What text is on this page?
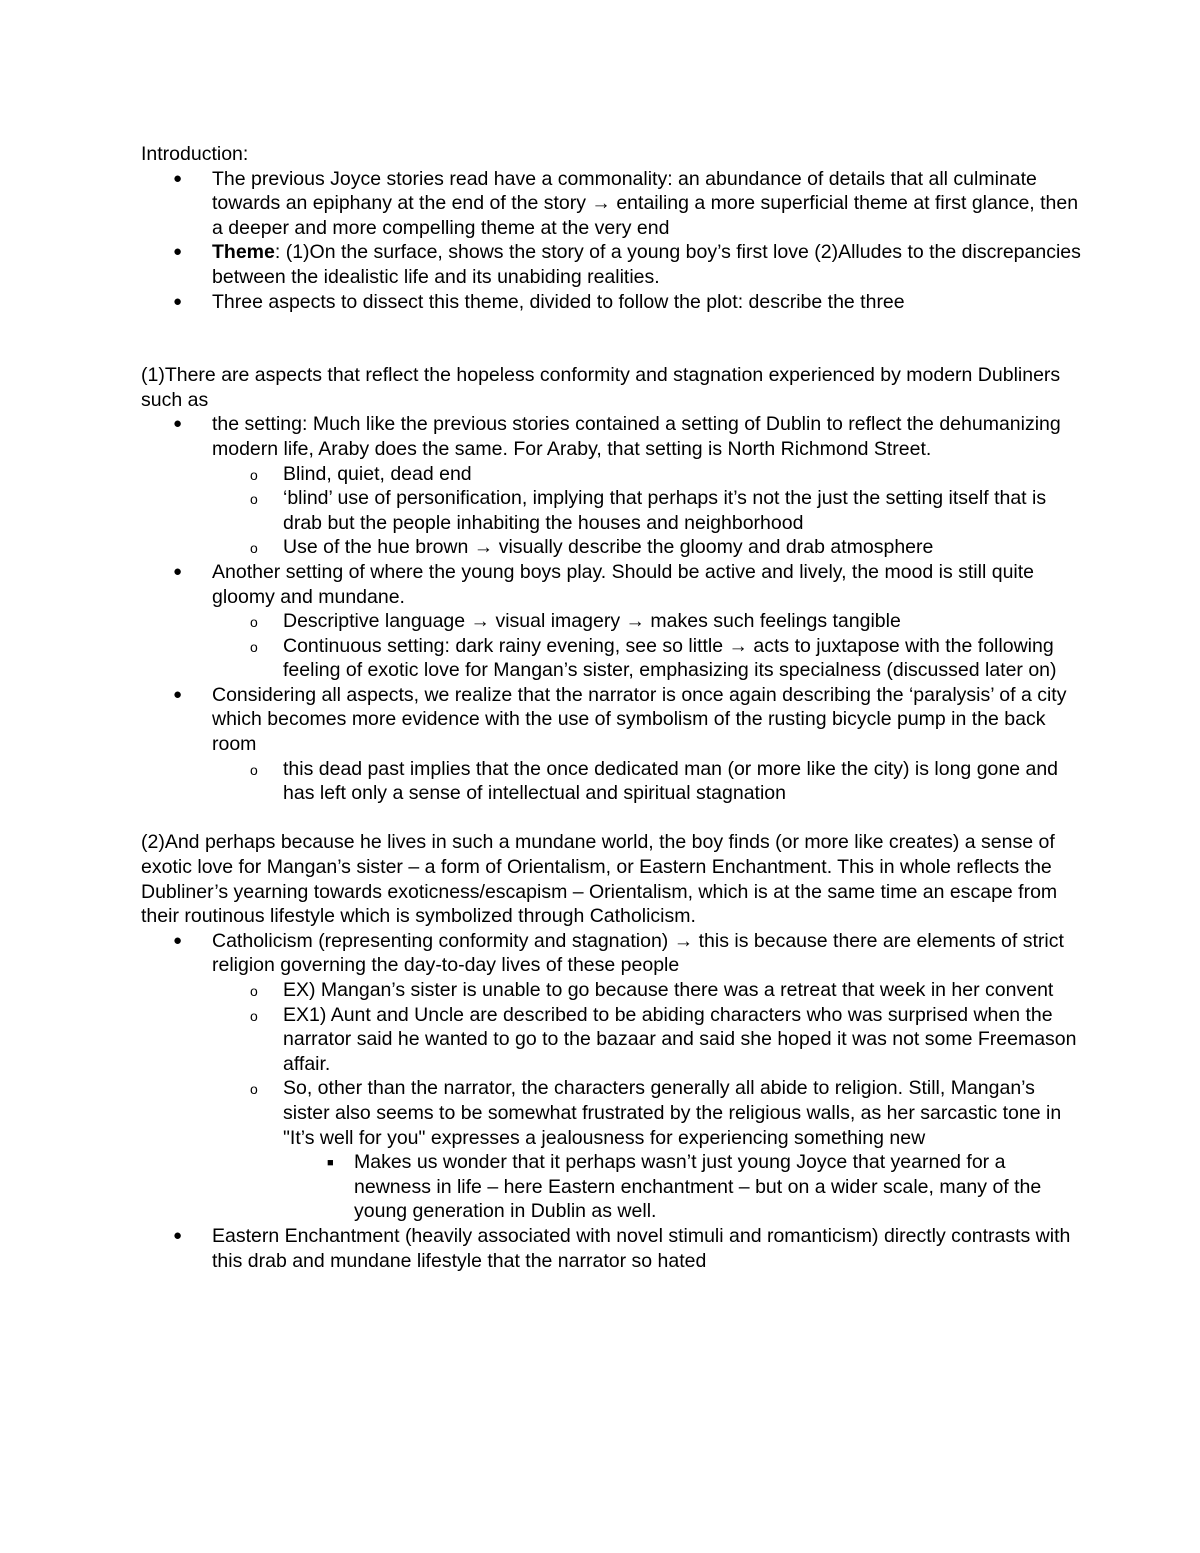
Introduction:

● The previous Joyce stories read have a commonality: an abundance of details that all culminate towards an epiphany at the end of the story → entailing a more superficial theme at first glance, then a deeper and more compelling theme at the very end
● Theme: (1)On the surface, shows the story of a young boy’s first love (2)Alludes to the discrepancies between the idealistic life and its unabiding realities.
● Three aspects to dissect this theme, divided to follow the plot: describe the three

(1)There are aspects that reflect the hopeless conformity and stagnation experienced by modern Dubliners such as

● the setting: Much like the previous stories contained a setting of Dublin to reflect the dehumanizing modern life, Araby does the same. For Araby, that setting is North Richmond Street.
o Blind, quiet, dead end
o ‘blind’ use of personification, implying that perhaps it’s not the just the setting itself that is drab but the people inhabiting the houses and neighborhood
o Use of the hue brown → visually describe the gloomy and drab atmosphere
● Another setting of where the young boys play. Should be active and lively, the mood is still quite gloomy and mundane.
o Descriptive language → visual imagery → makes such feelings tangible
o Continuous setting: dark rainy evening, see so little → acts to juxtapose with the following feeling of exotic love for Mangan’s sister, emphasizing its specialness (discussed later on)
● Considering all aspects, we realize that the narrator is once again describing the ‘paralysis’ of a city which becomes more evidence with the use of symbolism of the rusting bicycle pump in the back room
o this dead past implies that the once dedicated man (or more like the city) is long gone and has left only a sense of intellectual and spiritual stagnation

(2)And perhaps because he lives in such a mundane world, the boy finds (or more like creates) a sense of exotic love for Mangan’s sister – a form of Orientalism, or Eastern Enchantment. This in whole reflects the Dubliner’s yearning towards exoticness/escapism – Orientalism, which is at the same time an escape from their routinous lifestyle which is symbolized through Catholicism.

● Catholicism (representing conformity and stagnation) → this is because there are elements of strict religion governing the day-to-day lives of these people
o EX) Mangan’s sister is unable to go because there was a retreat that week in her convent
o EX1) Aunt and Uncle are described to be abiding characters who was surprised when the narrator said he wanted to go to the bazaar and said she hoped it was not some Freemason affair.
o So, other than the narrator, the characters generally all abide to religion. Still, Mangan’s sister also seems to be somewhat frustrated by the religious walls, as her sarcastic tone in "It’s well for you" expresses a jealousness for experiencing something new
■ Makes us wonder that it perhaps wasn’t just young Joyce that yearned for a newness in life – here Eastern enchantment – but on a wider scale, many of the young generation in Dublin as well.
● Eastern Enchantment (heavily associated with novel stimuli and romanticism) directly contrasts with this drab and mundane lifestyle that the narrator so hated
